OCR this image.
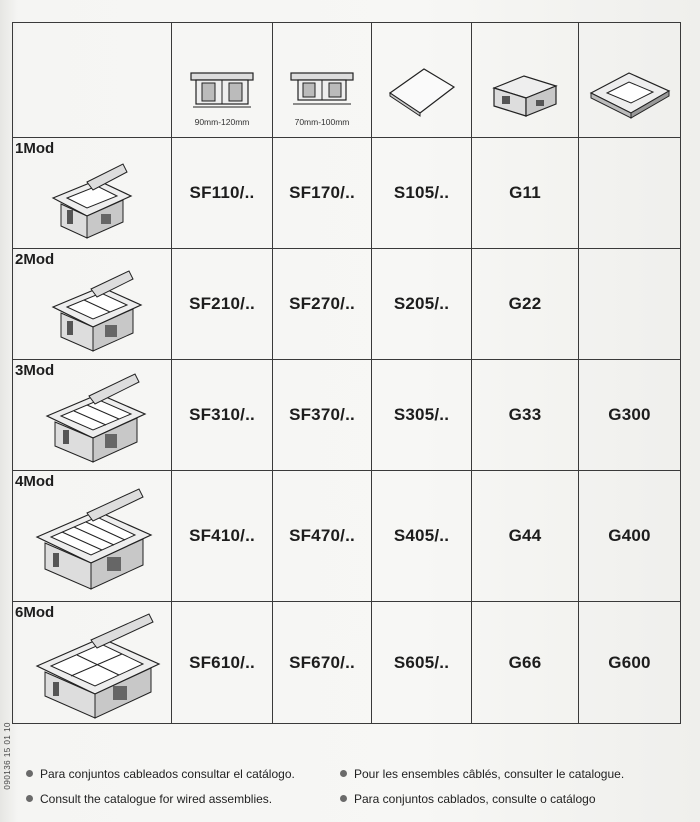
	90mm-120mm	70mm-100mm

1Mod	SF110/..	SF170/..	S105/..	G11	

2Mod	SF210/..	SF270/..	S205/..	G22	

3Mod	SF310/..	SF370/..	S305/..	G33	G300

4Mod	SF410/..	SF470/..	S405/..	G44	G400

6Mod	SF610/..	SF670/..	S605/..	G66	G600
090136 15 01 10	Para conjuntos cableados consultar el catálogo.
Consult the catalogue for wired assemblies.
Pour les ensembles câblés, consulter le catalogue.
Para conjuntos cablados, consulte o catálogo
